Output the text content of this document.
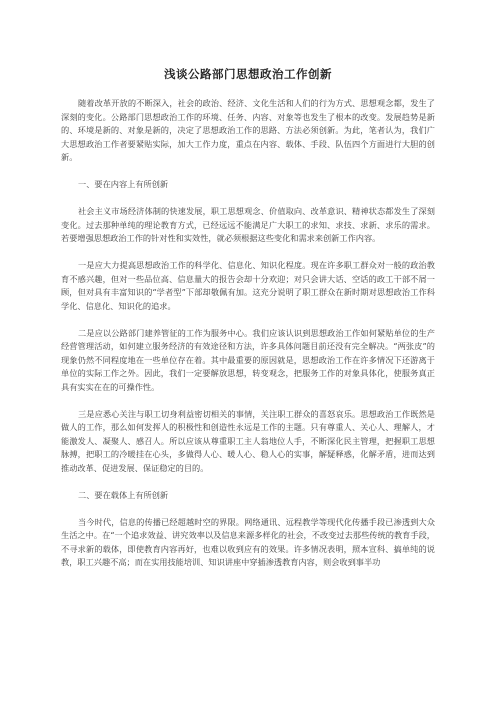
浅谈公路部门思想政治工作创新

随着改革开放的不断深入，社会的政治、经济、文化生活和人们的行为方式、思想观念都，发生了深刻的变化。公路部门思想政治工作的环境、任务、内容、对象等也发生了根本的改变。发展趋势是新的、环境是新的、对象是新的，决定了思想政治工作的思路、方法必须创新。为此，笔者认为，我们广大思想政治工作者要紧贴实际，加大工作力度，重点在内容、载体、手段、队伍四个方面进行大胆的创新。

一、要在内容上有所创新

社会主义市场经济体制的快速发展，职工思想观念、价值取向、改革意识、精神状态都发生了深刻变化。过去那种单纯的理论教育方式，已经远远不能满足广大职工的求知、求技、求新、求乐的需求。若要增强思想政治工作的针对性和实效性，就必须根据这些变化和需求来创新工作内容。

一是应大力提高思想政治工作的科学化、信息化、知识化程度。现在许多职工群众对一般的政治教育不感兴趣，但对一些品位高、信息量大的报告会却十分欢迎；对只会讲大话、空话的政工干部不屑一顾，但对具有丰富知识的“学者型”下部却敬佩有加。这充分说明了职工群众在新时期对思想政治工作科学化、信息化、知识化的追求。

二是应以公路部门建养管征的工作为服务中心。我们应该认识到思想政治工作如何紧贴单位的生产经营管理活动，如何建立服务经济的有效途径和方法，许多具体问题目前还没有完全解决。“两张皮”的现象仍然不同程度地在一些单位存在着。其中最重要的原因就是，思想政治工作在许多情况下还游离于单位的实际工作之外。因此，我们一定要解放思想，转变观念，把服务工作的对象具体化，使服务真正具有实实在在的可操作性。

三是应悉心关注与职工切身利益密切相关的事情，关注职工群众的喜怒哀乐。思想政治工作既然是做人的工作，那么如何发挥人的积极性和创造性永远是工作的主题。只有尊重人、关心人、理解人，才能激发人、凝聚人、感召人。所以应该从尊重职工主人翁地位人手，不断深化民主管理，把握职工思想脉搏，把职工的冷暖挂在心头，多做得人心、暖人心、稳人心的实事，解疑释惑，化解矛盾，进而达到推动改革、促进发展、保证稳定的目的。

二、要在载体上有所创新

当今时代，信息的传播已经超越时空的界限。网络通讯、远程教学等现代化传播手段已渗透到大众生活之中。在“一个追求效益、讲究效率以及信息来源多样化的社会，不改变过去那些传统的教育手段，不寻求新的载体，即使教育内容再好，也难以收到应有的效果。许多情况表明，照本宣科、搞单纯的说教，职工兴趣不高；而在实用技能培训、知识讲座中穿插渗透教育内容，则会收到事半功
